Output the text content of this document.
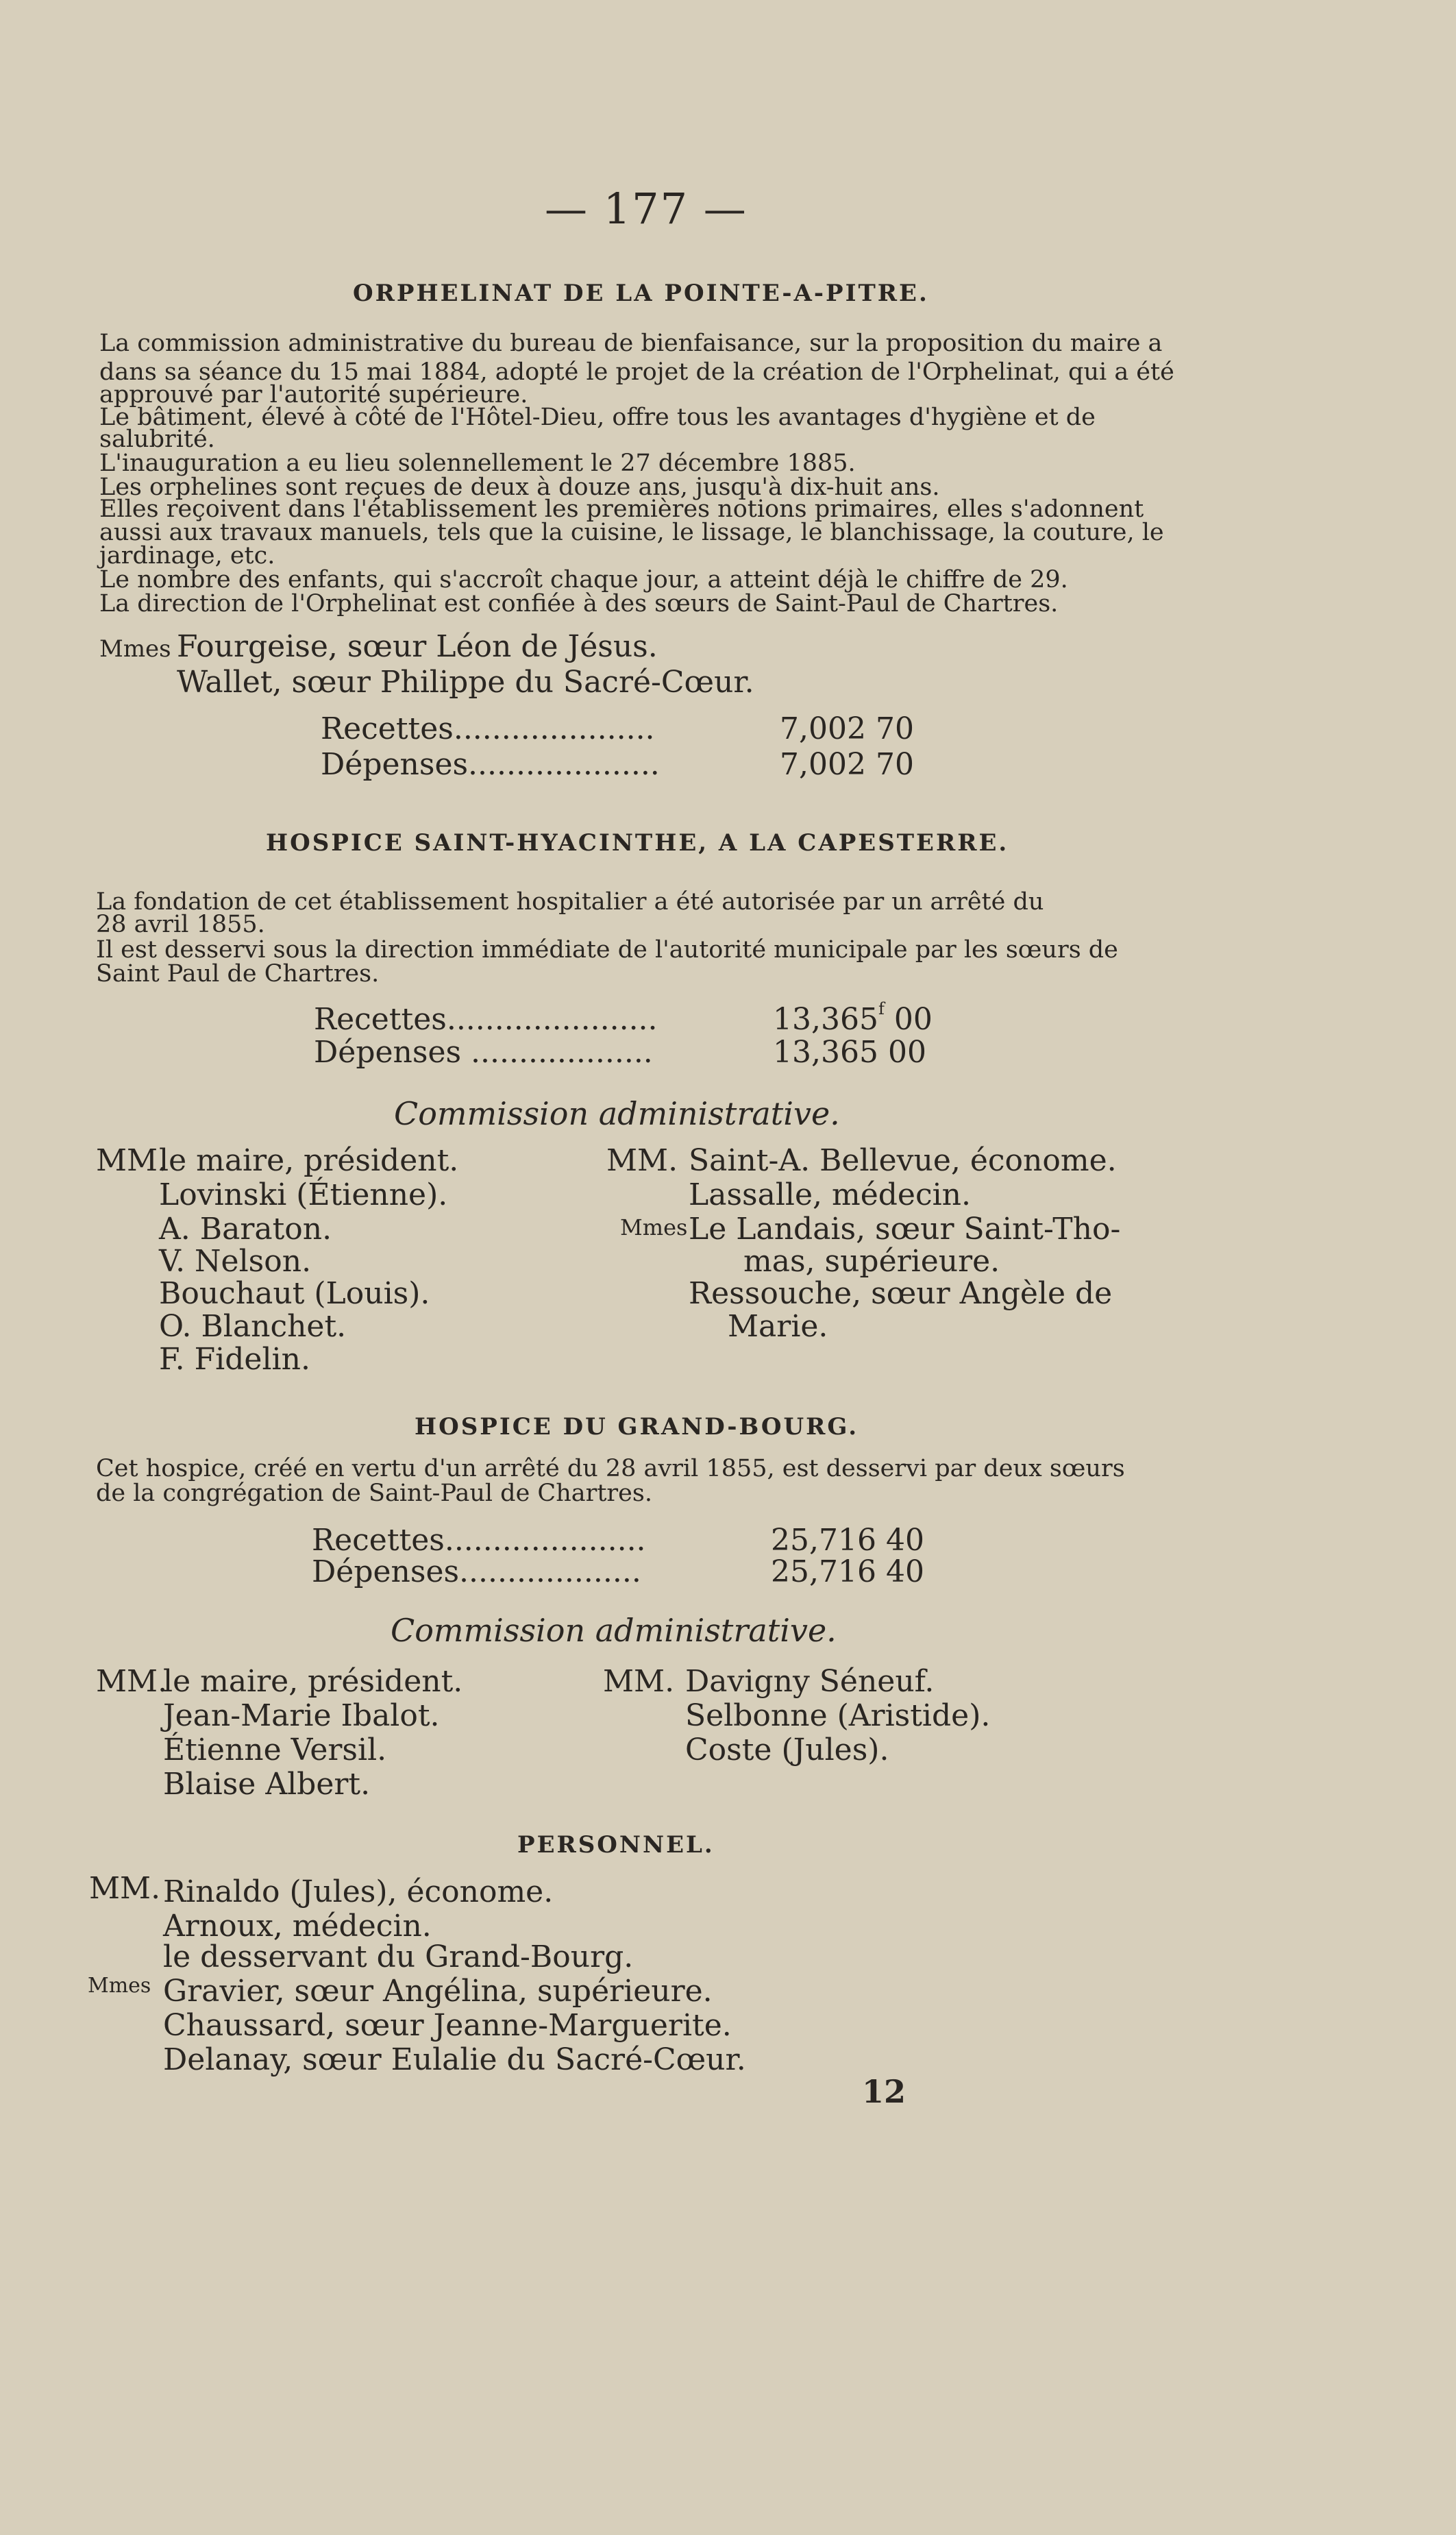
— 177 —
ORPHELINAT DE LA POINTE-A-PITRE.
La commission administrative du bureau de bienfaisance, sur la proposition du maire a
dans sa séance du 15 mai 1884, adopté le projet de la création de l'Orphelinat, qui a été
approuvé par l'autorité supérieure.
Le bâtiment, élevé à côté de l'Hôtel-Dieu, offre tous les avantages d'hygiène et de
salubrité.
L'inauguration a eu lieu solennellement le 27 décembre 1885.
Les orphelines sont reçues de deux à douze ans, jusqu'à dix-huit ans.
Elles reçoivent dans l'établissement les premières notions primaires, elles s'adonnent
aussi aux travaux manuels, tels que la cuisine, le lissage, le blanchissage, la couture, le
jardinage, etc.
Le nombre des enfants, qui s'accroît chaque jour, a atteint déjà le chiffre de 29.
La direction de l'Orphelinat est confiée à des sœurs de Saint-Paul de Chartres.
Mmes Fourgeise, sœur Léon de Jésus.
Wallet, sœur Philippe du Sacré-Cœur.
Recettes.....................	7,002 70
Dépenses....................	7,002 70
HOSPICE SAINT-HYACINTHE, A LA CAPESTERRE.
La fondation de cet établissement hospitalier a été autorisée par un arrêté du
28 avril 1855.
Il est desservi sous la direction immédiate de l'autorité municipale par les sœurs de
Saint Paul de Chartres.
Recettes......................	13,365$^f$ 00
Dépenses ...................	13,365 00
Commission administrative.
MM.
le maire, président.
Lovinski (Étienne).
A. Baraton.
V. Nelson.
Bouchaut (Louis).
O. Blanchet.
F. Fidelin.
MM. Saint-A. Bellevue, économe.
Lassalle, médecin.
Mmes Le Landais, sœur Saint-Tho-
mas, supérieure.
Ressouche, sœur Angèle de
Marie.
HOSPICE DU GRAND-BOURG.
Cet hospice, créé en vertu d'un arrêté du 28 avril 1855, est desservi par deux sœurs
de la congrégation de Saint-Paul de Chartres.
Recettes.....................	25,716 40
Dépenses...................	25,716 40
Commission administrative.
MM.
le maire, président.
Jean-Marie Ibalot.
Étienne Versil.
Blaise Albert.
MM. Davigny Séneuf.
Selbonne (Aristide).
Coste (Jules).
PERSONNEL.
MM. Rinaldo (Jules), économe.
Arnoux, médecin.
le desservant du Grand-Bourg.
Mmes Gravier, sœur Angélina, supérieure.
Chaussard, sœur Jeanne-Marguerite.
Delanay, sœur Eulalie du Sacré-Cœur.
12
